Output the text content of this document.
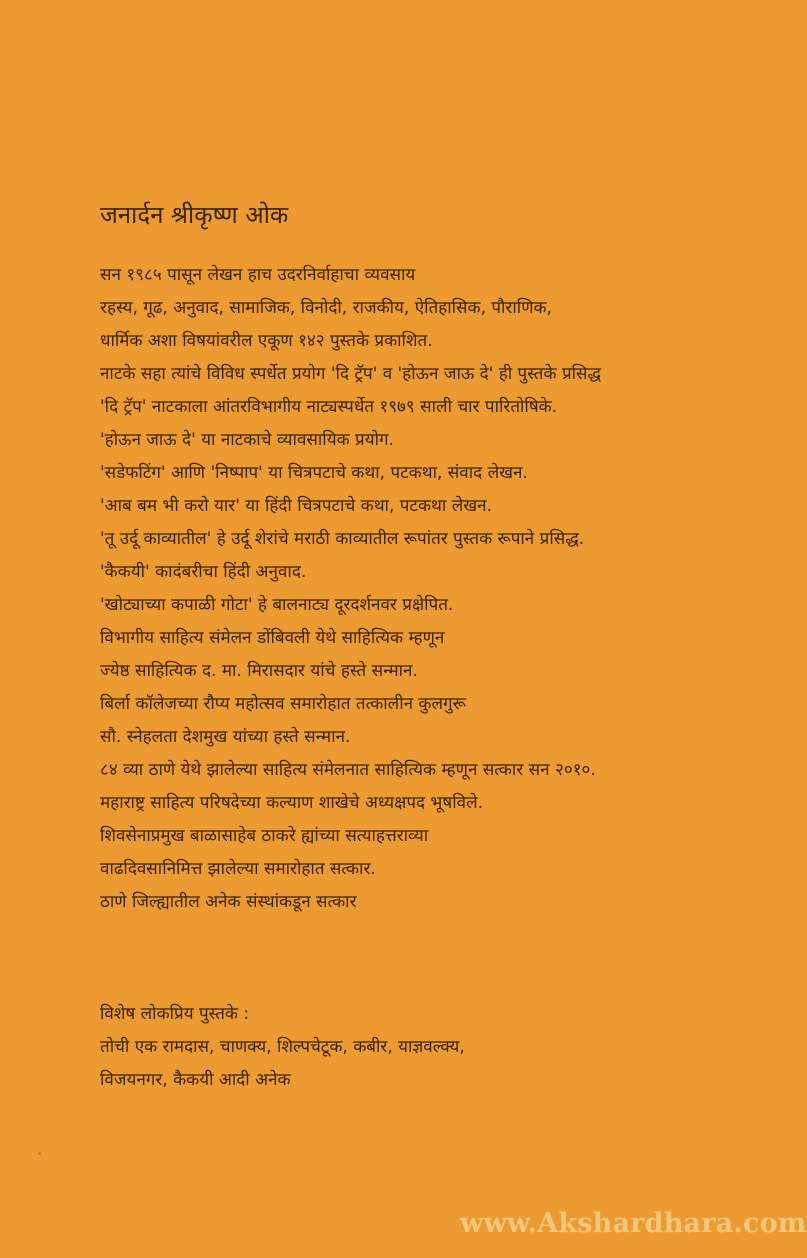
जनार्दन श्रीकृष्ण ओक
सन १९८५ पासून लेखन हाच उदरनिर्वाहाचा व्यवसाय
रहस्य, गूढ, अनुवाद, सामाजिक, विनोदी, राजकीय, ऐतिहासिक, पौराणिक,
धार्मिक अशा विषयांवरील एकूण १४२ पुस्तके प्रकाशित.
नाटके सहा त्यांचे विविध स्पर्धेत प्रयोग 'दि ट्रॅप' व 'होऊन जाऊ दे' ही पुस्तके प्रसिद्ध
'दि ट्रॅप' नाटकाला आंतरविभागीय नाट्यस्पर्धेत १९७९ साली चार पारितोषिके.
'होऊन जाऊ दे' या नाटकाचे व्यावसायिक प्रयोग.
'सडेफटिंग' आणि 'निष्पाप' या चित्रपटाचे कथा, पटकथा, संवाद लेखन.
'आब बम भी करो यार' या हिंदी चित्रपटाचे कथा, पटकथा लेखन.
'तू उर्दू काव्यातील' हे उर्दू शेरांचे मराठी काव्यातील रूपांतर पुस्तक रूपाने प्रसिद्ध.
'कैकयी' कादंबरीचा हिंदी अनुवाद.
'खोट्याच्या कपाळी गोटा' हे बालनाट्य दूरदर्शनवर प्रक्षेपित.
विभागीय साहित्य संमेलन डोंबिवली येथे साहित्यिक म्हणून
ज्येष्ठ साहित्यिक द. मा. मिरासदार यांचे हस्ते सन्मान.
बिर्ला कॉलेजच्या रौप्य महोत्सव समारोहात तत्कालीन कुलगुरू
सौ. स्नेहलता देशमुख यांच्या हस्ते सन्मान.
८४ व्या ठाणे येथे झालेल्या साहित्य संमेलनात साहित्यिक म्हणून सत्कार सन २०१०.
महाराष्ट्र साहित्य परिषदेच्या कल्याण शाखेचे अध्यक्षपद भूषविले.
शिवसेनाप्रमुख बाळासाहेब ठाकरे ह्यांच्या सत्याहत्तराव्या
वाढदिवसानिमित्त झालेल्या समारोहात सत्कार.
ठाणे जिल्ह्यातील अनेक संस्थांकडून सत्कार
विशेष लोकप्रिय पुस्तके :
तोची एक रामदास, चाणक्य, शिल्पचेटूक, कबीर, याज्ञवल्क्य,
विजयनगर, कैकयी आदी अनेक
www.Akshardhara.com
